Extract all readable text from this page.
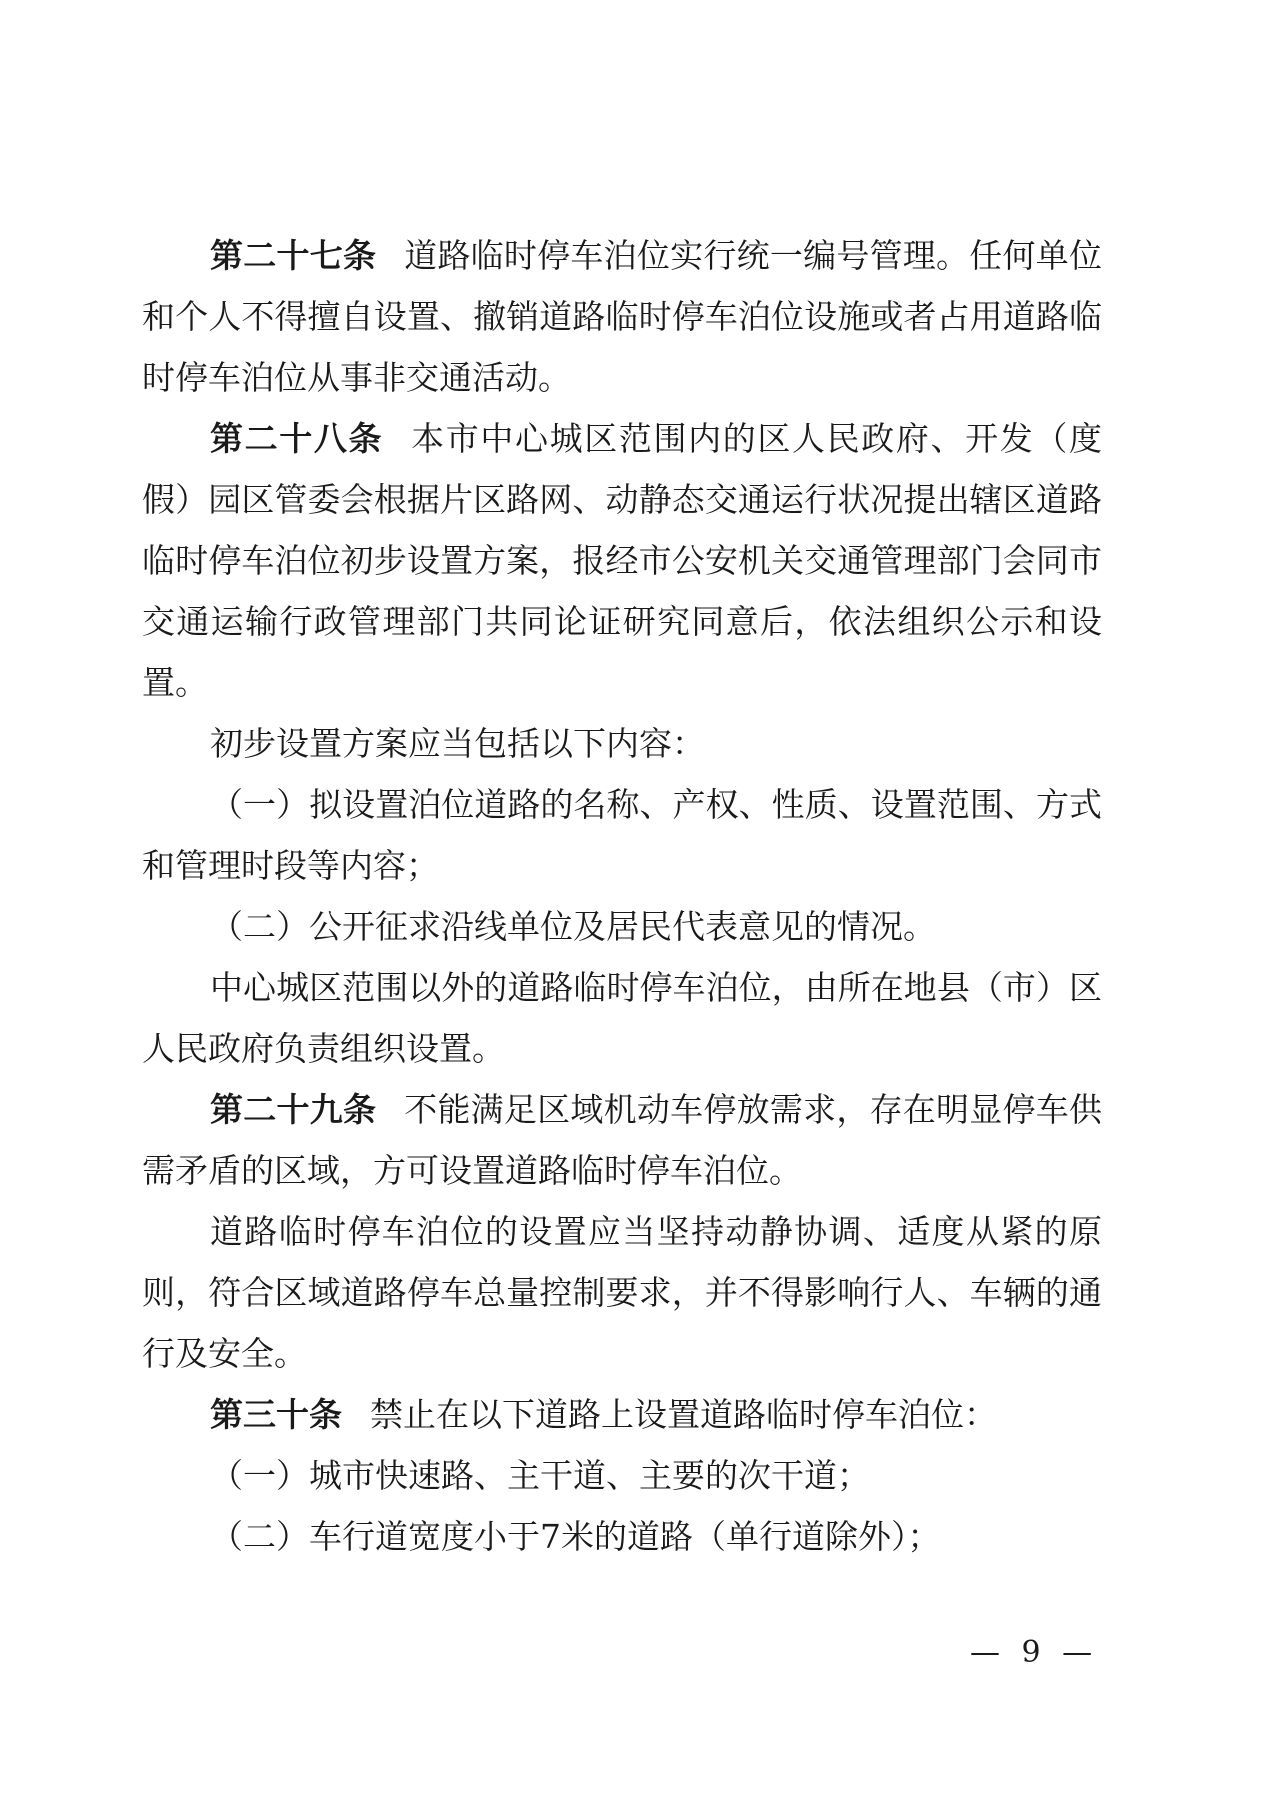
第二十七条 道路临时停车泊位实行统一编号管理。任何单位和个人不得擅自设置、撤销道路临时停车泊位设施或者占用道路临时停车泊位从事非交通活动。

第二十八条 本市中心城区范围内的区人民政府、开发（度假）园区管委会根据片区路网、动静态交通运行状况提出辖区道路临时停车泊位初步设置方案，报经市公安机关交通管理部门会同市交通运输行政管理部门共同论证研究同意后，依法组织公示和设置。

初步设置方案应当包括以下内容：

（一）拟设置泊位道路的名称、产权、性质、设置范围、方式和管理时段等内容；

（二）公开征求沿线单位及居民代表意见的情况。

中心城区范围以外的道路临时停车泊位，由所在地县（市）区人民政府负责组织设置。

第二十九条 不能满足区域机动车停放需求，存在明显停车供需矛盾的区域，方可设置道路临时停车泊位。

道路临时停车泊位的设置应当坚持动静协调、适度从紧的原则，符合区域道路停车总量控制要求，并不得影响行人、车辆的通行及安全。

第三十条 禁止在以下道路上设置道路临时停车泊位：

（一）城市快速路、主干道、主要的次干道；

（二）车行道宽度小于7米的道路（单行道除外）；

— 9 —
